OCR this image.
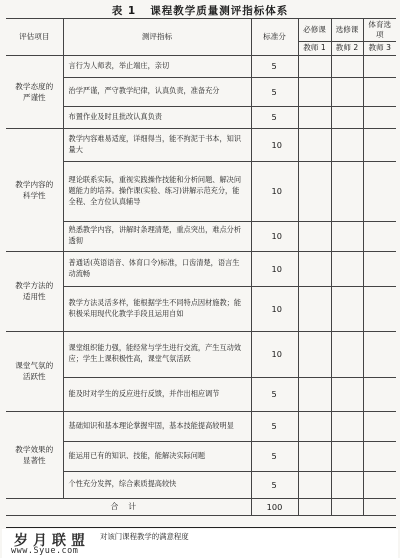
表 1 课程教学质量测评指标体系
评估项目	测评指标	标准分	必修课	选修课	体育选项
			教师 1	教师 2	教师 3
教学态度的严谨性	言行为人师表，举止端庄，亲切	5			
	治学严谨，严守教学纪律，认真负责，准备充分	5			
	布置作业及时且批改认真负责	5			
教学内容的科学性	教学内容难易适度，详细得当，能不拘泥于书本，知识量大	10			
	理论联系实际，重视实践操作技能和分析问题、解决问题能力的培养。操作课(实验、练习)讲解示范充分，能全程、全方位认真辅导	10			
	熟悉教学内容，讲解时条理清楚，重点突出，难点分析透彻	10			
教学方法的适用性	普通话(英语语音、体育口令)标准，口齿清楚，语言生动流畅	10			
	教学方法灵活多样，能根据学生不同特点因材施教；能积极采用现代化教学手段且运用自如	10			
课堂气氛的活跃性	课堂组织能力强，能经常与学生进行交流，产生互动效应；学生上课积极性高，课堂气氛活跃	10			
	能及时对学生的反应进行反馈，并作出相应调节	5			
教学效果的显著性	基础知识和基本理论掌握牢固，基本技能提高较明显	5			
	能运用已有的知识、技能，能解决实际问题	5			
	个性充分发挥，综合素质提高较快	5			
合计		100			

岁月联盟
www.Syue.com
对该门课程教学的满意程度
